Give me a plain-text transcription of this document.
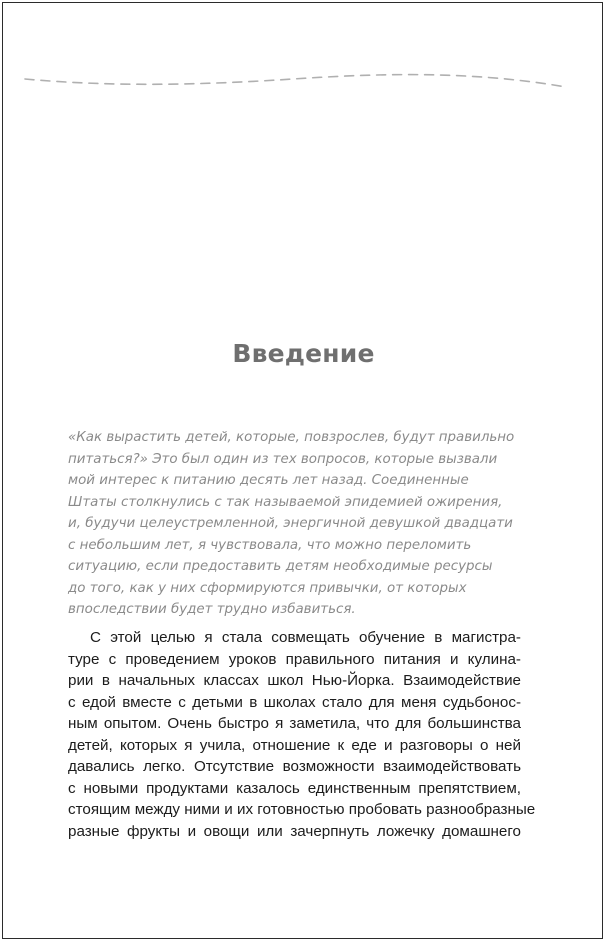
Введение
«Как вырастить детей, которые, повзрослев, будут правильно
питаться?» Это был один из тех вопросов, которые вызвали
мой интерес к питанию десять лет назад. Соединенные
Штаты столкнулись с так называемой эпидемией ожирения,
и, будучи целеустремленной, энергичной девушкой двадцати
с небольшим лет, я чувствовала, что можно переломить
ситуацию, если предоставить детям необходимые ресурсы
до того, как у них сформируются привычки, от которых
впоследствии будет трудно избавиться.
С этой целью я стала совмещать обучение в магистра-
туре с проведением уроков правильного питания и кулина-
рии в начальных классах школ Нью-Йорка. Взаимодействие
с едой вместе с детьми в школах стало для меня судьбонос-
ным опытом. Очень быстро я заметила, что для большинства
детей, которых я учила, отношение к еде и разговоры о ней
давались легко. Отсутствие возможности взаимодействовать
с новыми продуктами казалось единственным препятствием,
стоящим между ними и их готовностью пробовать разнообразные
разные фрукты и овощи или зачерпнуть ложечку домашнего
